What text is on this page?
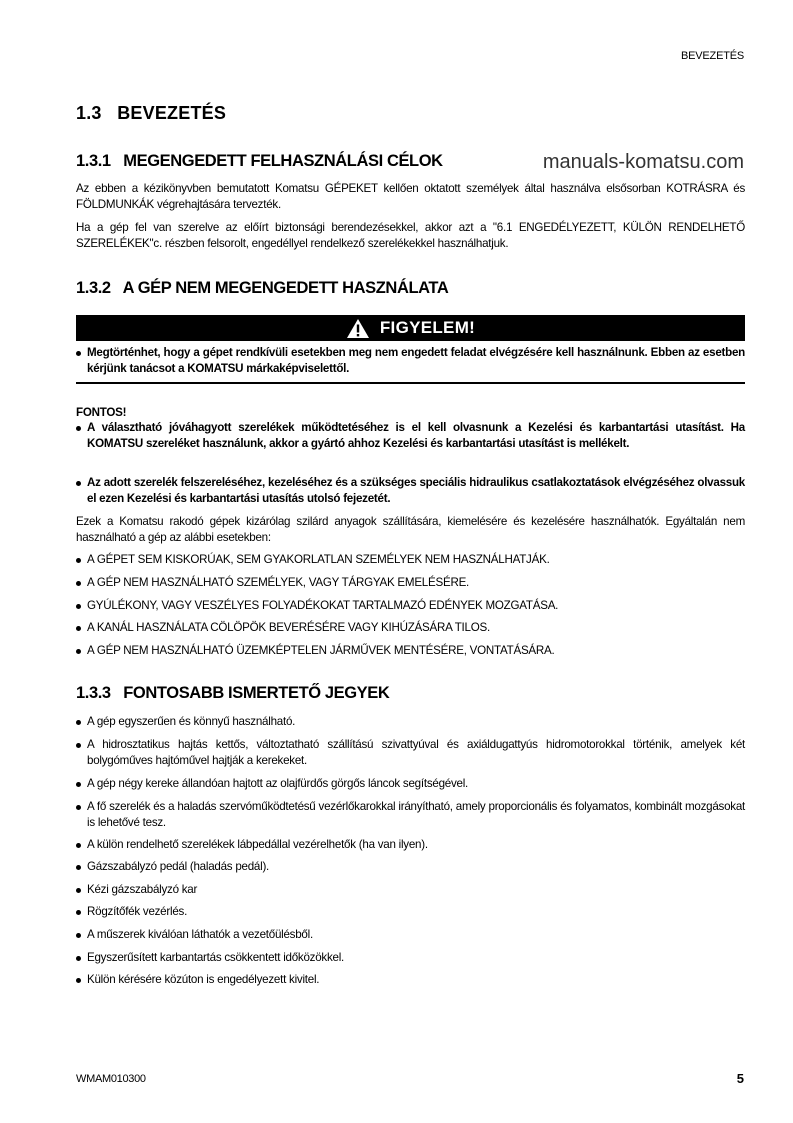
BEVEZETÉS
1.3   BEVEZETÉS
1.3.1   MEGENGEDETT FELHASZNÁLÁSI CÉLOK	manuals-komatsu.com
Az ebben a kézikönyvben bemutatott Komatsu GÉPEKET kellően oktatott személyek által használva elsősorban KOTRÁSRA és FÖLDMUNKÁK végrehajtására tervezték.
Ha a gép fel van szerelve az előírt biztonsági berendezésekkel, akkor azt a "6.1 ENGEDÉLYEZETT, KÜLÖN RENDELHETŐ SZERELÉKEK"c. részben felsorolt, engedéllyel rendelkező szerelékekkel használhatjuk.
1.3.2   A GÉP NEM MEGENGEDETT HASZNÁLATA
FIGYELEM!
Megtörténhet, hogy a gépet rendkívüli esetekben meg nem engedett feladat elvégzésére kell használnunk. Ebben az esetben kérjünk tanácsot a KOMATSU márkaképviselettől.
FONTOS!
A választható jóváhagyott szerelékek működtetéséhez is el kell olvasnunk a Kezelési és karbantartási utasítást. Ha KOMATSU szereléket használunk, akkor a gyártó ahhoz Kezelési és karbantartási utasítást is mellékelt.
Az adott szerelék felszereléséhez, kezeléséhez és a szükséges speciális hidraulikus csatlakoztatások elvégzéséhez olvassuk el ezen Kezelési és karbantartási utasítás utolsó fejezetét.
Ezek a Komatsu rakodó gépek kizárólag szilárd anyagok szállítására, kiemelésére és kezelésére használhatók. Egyáltalán nem használható a gép az alábbi esetekben:
A GÉPET SEM KISKORÚAK, SEM GYAKORLATLAN SZEMÉLYEK NEM HASZNÁLHATJÁK.
A GÉP NEM HASZNÁLHATÓ SZEMÉLYEK, VAGY TÁRGYAK EMELÉSÉRE.
GYÚLÉKONY, VAGY VESZÉLYES FOLYADÉKOKAT TARTALMAZÓ EDÉNYEK MOZGATÁSA.
A KANÁL HASZNÁLATA CÖLÖPÖK BEVERÉSÉRE VAGY KIHÚZÁSÁRA TILOS.
A GÉP NEM HASZNÁLHATÓ ÜZEMKÉPTELEN JÁRMŰVEK MENTÉSÉRE, VONTATÁSÁRA.
1.3.3   FONTOSABB ISMERTETŐ JEGYEK
A gép egyszerűen és könnyű használható.
A hidrosztatikus hajtás kettős, változtatható szállítású szivattyúval és axiáldugattyús hidromotorokkal történik, amelyek két bolygóműves hajtóművel hajtják a kerekeket.
A gép négy kereke állandóan hajtott az olajfürdős görgős láncok segítségével.
A fő szerelék és a haladás szervóműködtetésű vezérlőkarokkal irányítható, amely proporcionális és folyamatos, kombinált mozgásokat is lehetővé tesz.
A külön rendelhető szerelékek lábpedállal vezérelhetők (ha van ilyen).
Gázszabályzó pedál (haladás pedál).
Kézi gázszabályzó kar
Rögzítőfék vezérlés.
A műszerek kiválóan láthatók a vezetőülésből.
Egyszerűsített karbantartás csökkentett időközökkel.
Külön kérésére közúton is engedélyezett kivitel.
WMAM010300	5
